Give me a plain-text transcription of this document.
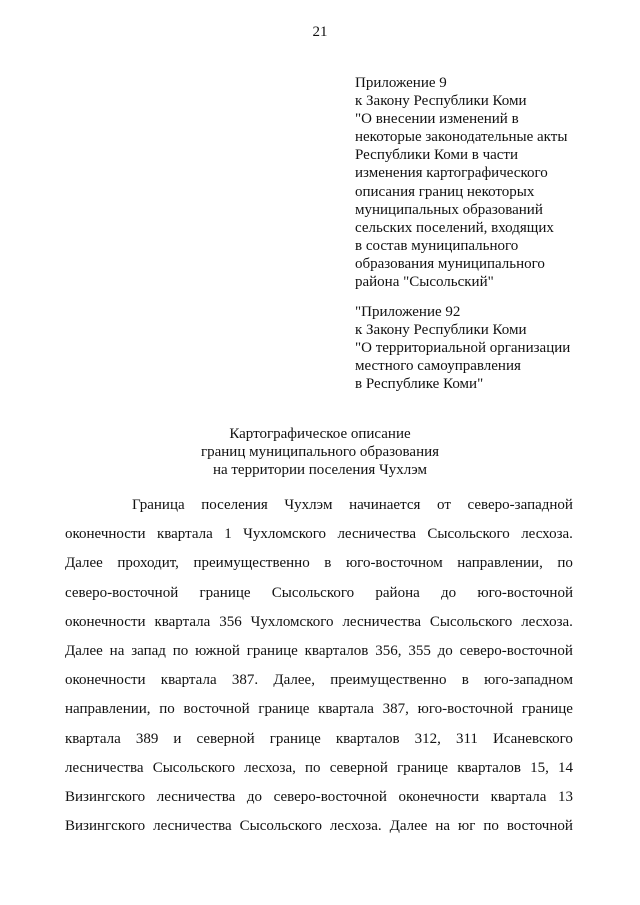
21
Приложение 9
к Закону Республики Коми
"О внесении изменений в
некоторые законодательные акты
Республики Коми в части
изменения картографического
описания границ некоторых
муниципальных образований
сельских поселений, входящих
в состав муниципального
образования муниципального
района "Сысольский"
"Приложение 92
к Закону Республики Коми
"О территориальной организации
местного самоуправления
в Республике Коми"
Картографическое описание
границ муниципального образования
на территории поселения Чухлэм
Граница поселения Чухлэм начинается от северо-западной
оконечности квартала 1 Чухломского лесничества Сысольского лесхоза.
Далее проходит, преимущественно в юго-восточном направлении, по
северо-восточной границе Сысольского района до юго-восточной
оконечности квартала 356 Чухломского лесничества Сысольского лесхоза.
Далее на запад по южной границе кварталов 356, 355 до северо-восточной
оконечности квартала 387. Далее, преимущественно в юго-западном
направлении, по восточной границе квартала 387, юго-восточной границе
квартала 389 и северной границе кварталов 312, 311 Исаневского
лесничества Сысольского лесхоза, по северной границе кварталов 15, 14
Визингского лесничества до северо-восточной оконечности квартала 13
Визингского лесничества Сысольского лесхоза. Далее на юг по восточной
